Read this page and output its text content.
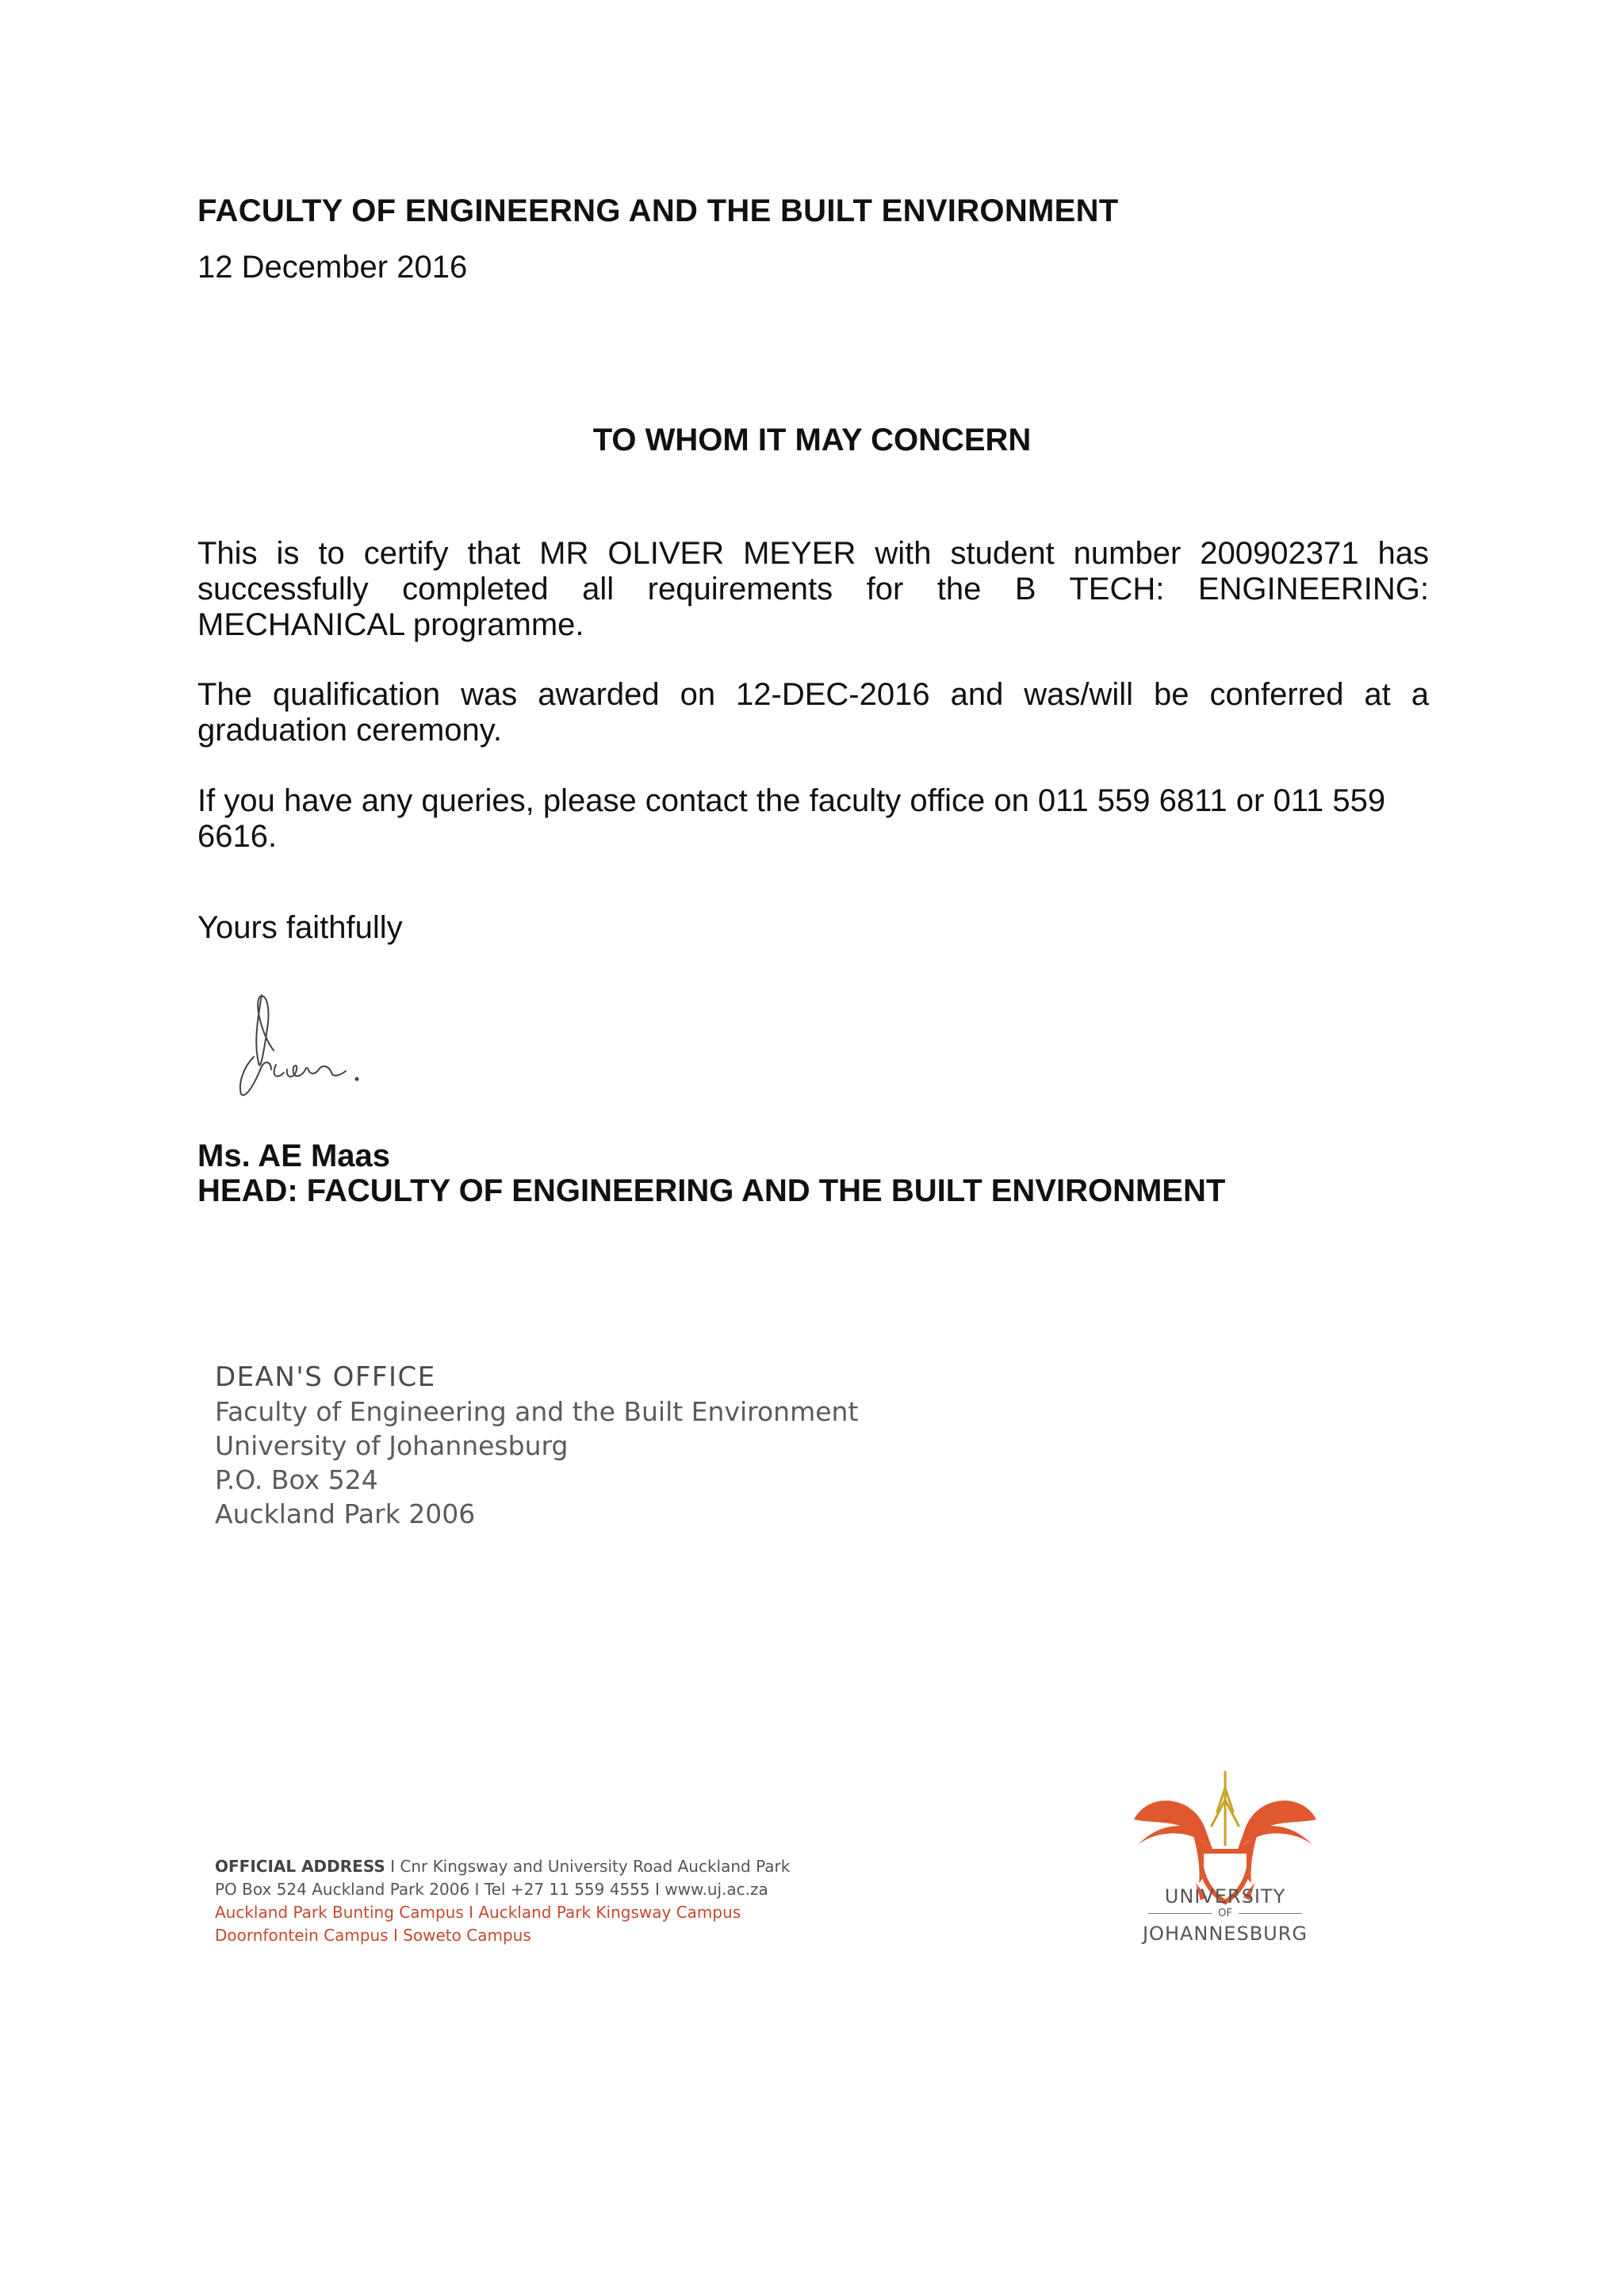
FACULTY OF ENGINEERNG AND THE BUILT ENVIRONMENT
12 December 2016
TO WHOM IT MAY CONCERN
This is to certify that MR OLIVER MEYER with student number 200902371 has successfully completed all requirements for the B TECH: ENGINEERING: MECHANICAL programme.
The qualification was awarded on 12-DEC-2016 and was/will be conferred at a graduation ceremony.
If you have any queries, please contact the faculty office on 011 559 6811 or 011 559 6616.
Yours faithfully
Ms. AE Maas
HEAD: FACULTY OF ENGINEERING AND THE BUILT ENVIRONMENT
DEAN'S OFFICE
Faculty of Engineering and the Built Environment
University of Johannesburg
P.O. Box 524
Auckland Park 2006
OFFICIAL ADDRESS I Cnr Kingsway and University Road Auckland Park
PO Box 524 Auckland Park 2006 I Tel +27 11 559 4555 I www.uj.ac.za
Auckland Park Bunting Campus I Auckland Park Kingsway Campus
Doornfontein Campus I Soweto Campus
UNIVERSITY
OF
JOHANNESBURG
